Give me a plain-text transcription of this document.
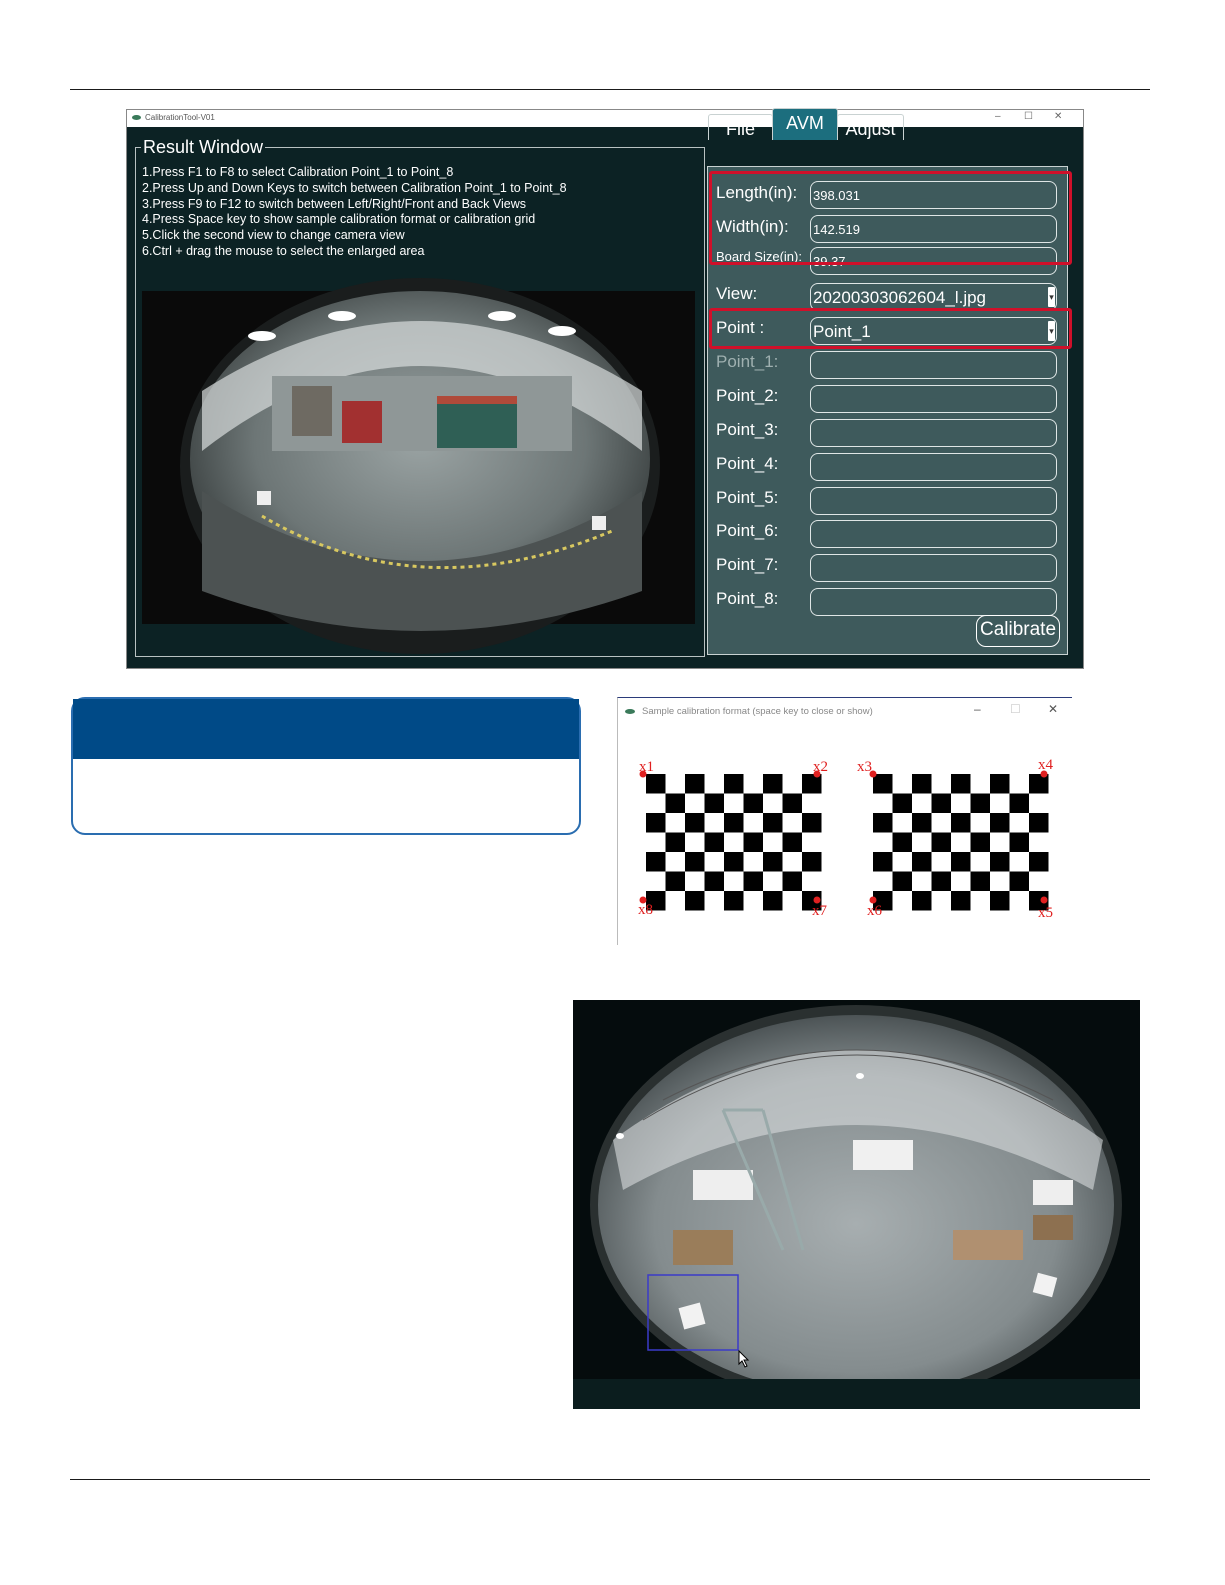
CalibrationTool-V01	– ☐ ✕
Result Window
1.Press F1 to F8 to select Calibration Point_1 to Point_8
2.Press Up and Down Keys to switch between Calibration Point_1 to Point_8
3.Press F9 to F12 to switch between Left/Right/Front and Back Views
4.Press Space key to show sample calibration format or calibration grid
5.Click the second view to change camera view
6.Ctrl + drag the mouse to select the enlarged area
File	AVM	Adjust
Length(in): 398.031
Width(in): 142.519
Board Size(in): 39.37
View:	20200303062604_l.jpg	▾
Point :	Point_1	▾
Point_1:
Point_2:
Point_3:
Point_4:
Point_5:
Point_6:
Point_7:
Point_8:
Calibrate
x1	x2 x3	x4
x5
x6
x7
x8
Sample calibration format (space key to close or show)	– ☐ ✕
